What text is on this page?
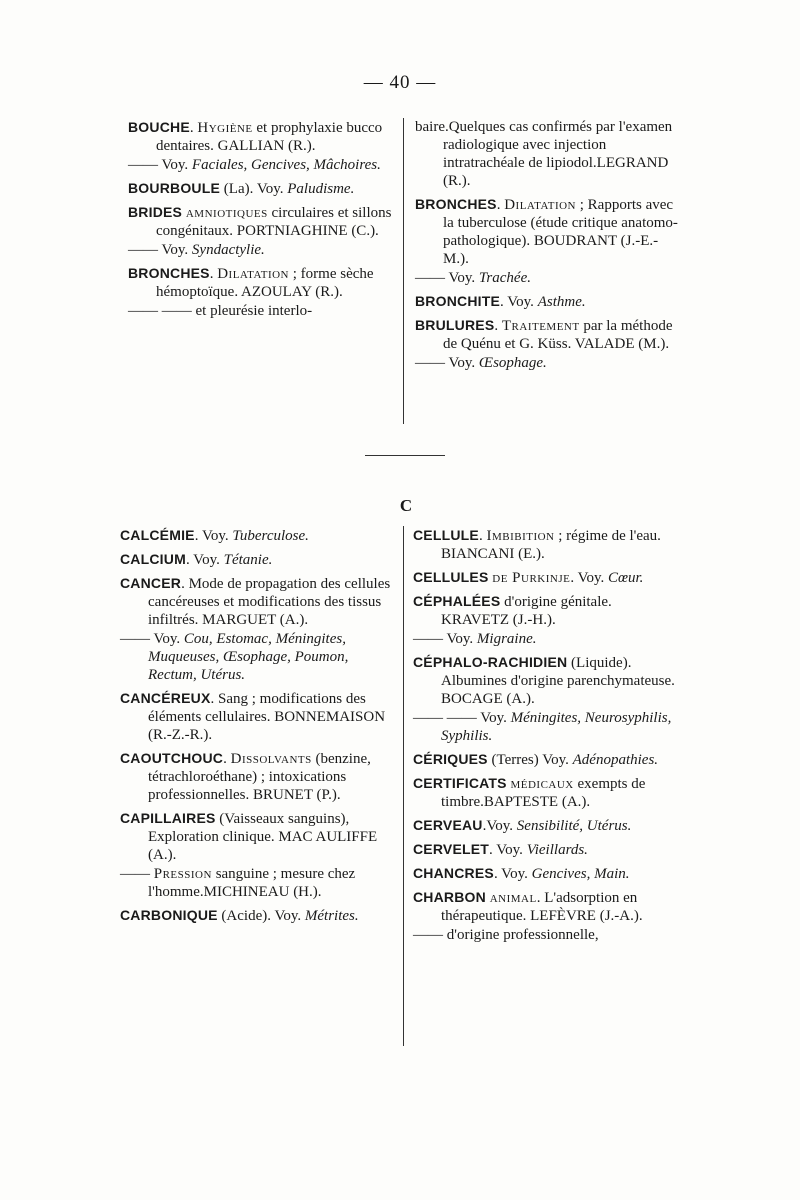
— 40 —

BOUCHE. Hygiène et prophylaxie bucco dentaires. GALLIAN (R.).

—— Voy. Faciales, Gencives, Mâchoires.

BOURBOULE (La). Voy. Paludisme.

BRIDES amniotiques circulaires et sillons congénitaux. PORTNIAGHINE (C.).

—— Voy. Syndactylie.

BRONCHES. Dilatation ; forme sèche hémoptoïque. AZOULAY (R.).

—— —— et pleurésie interlo-

baire.Quelques cas confirmés par l'examen radiologique avec injection intratrachéale de lipiodol.LEGRAND (R.).

BRONCHES. Dilatation ; Rapports avec la tuberculose (étude critique anatomo-pathologique). BOUDRANT (J.-E.-M.).

—— Voy. Trachée.

BRONCHITE. Voy. Asthme.

BRULURES. Traitement par la méthode de Quénu et G. Küss. VALADE (M.).

—— Voy. Œsophage.

C

CALCÉMIE. Voy. Tuberculose.

CALCIUM. Voy. Tétanie.

CANCER. Mode de propagation des cellules cancéreuses et modifications des tissus infiltrés. MARGUET (A.).

—— Voy. Cou, Estomac, Méningites, Muqueuses, Œsophage, Poumon, Rectum, Utérus.

CANCÉREUX. Sang ; modifications des éléments cellulaires. BONNEMAISON (R.-Z.-R.).

CAOUTCHOUC. Dissolvants (benzine, tétrachloroéthane) ; intoxications professionnelles. BRUNET (P.).

CAPILLAIRES (Vaisseaux sanguins), Exploration clinique. MAC AULIFFE (A.).

—— Pression sanguine ; mesure chez l'homme.MICHINEAU (H.).

CARBONIQUE (Acide). Voy. Métrites.

CELLULE. Imbibition ; régime de l'eau. BIANCANI (E.).

CELLULES de Purkinje. Voy. Cœur.

CÉPHALÉES d'origine génitale. KRAVETZ (J.-H.).

—— Voy. Migraine.

CÉPHALO-RACHIDIEN (Liquide). Albumines d'origine parenchymateuse. BOCAGE (A.).

—— —— Voy. Méningites, Neurosyphilis, Syphilis.

CÉRIQUES (Terres) Voy. Adénopathies.

CERTIFICATS médicaux exempts de timbre.BAPTESTE (A.).

CERVEAU.Voy. Sensibilité, Utérus.

CERVELET. Voy. Vieillards.

CHANCRES. Voy. Gencives, Main.

CHARBON animal. L'adsorption en thérapeutique. LEFÈVRE (J.-A.).

—— d'origine professionnelle,
